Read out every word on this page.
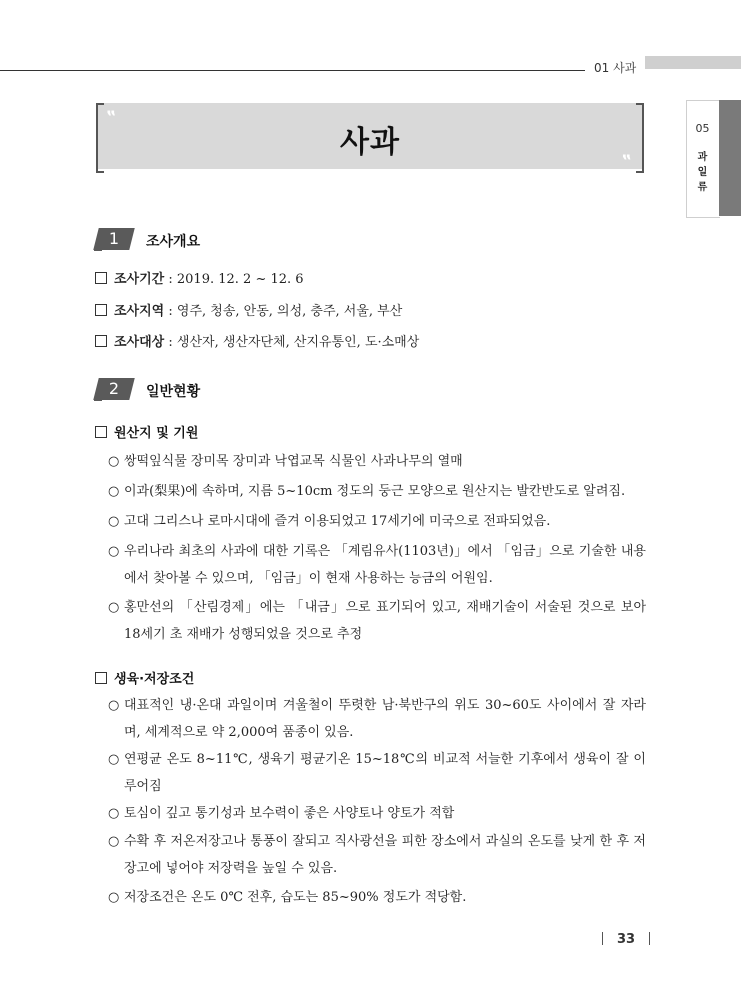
01 사과
05
과
일
류
‟
‟
사과
1	조사개요
조사기간 : 2019. 12. 2 ~ 12. 6
조사지역 : 영주, 청송, 안동, 의성, 충주, 서울, 부산
조사대상 : 생산자, 생산자단체, 산지유통인, 도·소매상
2	일반현황
원산지 및 기원
○ 쌍떡잎식물 장미목 장미과 낙엽교목 식물인 사과나무의 열매
○ 이과(梨果)에 속하며, 지름 5~10cm 정도의 둥근 모양으로 원산지는 발칸반도로 알려짐.
○ 고대 그리스나 로마시대에 즐겨 이용되었고 17세기에 미국으로 전파되었음.
○ 우리나라 최초의 사과에 대한 기록은 「계림유사(1103년)」에서 「임금」으로 기술한 내용에서 찾아볼 수 있으며, 「임금」이 현재 사용하는 능금의 어원임.
○ 홍만선의 「산림경제」에는 「내금」으로 표기되어 있고, 재배기술이 서술된 것으로 보아 18세기 초 재배가 성행되었을 것으로 추정
생육·저장조건
○ 대표적인 냉·온대 과일이며 겨울철이 뚜렷한 남·북반구의 위도 30~60도 사이에서 잘 자라며, 세계적으로 약 2,000여 품종이 있음.
○ 연평균 온도 8~11℃, 생육기 평균기온 15~18℃의 비교적 서늘한 기후에서 생육이 잘 이루어짐
○ 토심이 깊고 통기성과 보수력이 좋은 사양토나 양토가 적합
○ 수확 후 저온저장고나 통풍이 잘되고 직사광선을 피한 장소에서 과실의 온도를 낮게 한 후 저장고에 넣어야 저장력을 높일 수 있음.
○ 저장조건은 온도 0℃ 전후, 습도는 85~90% 정도가 적당함.
33
